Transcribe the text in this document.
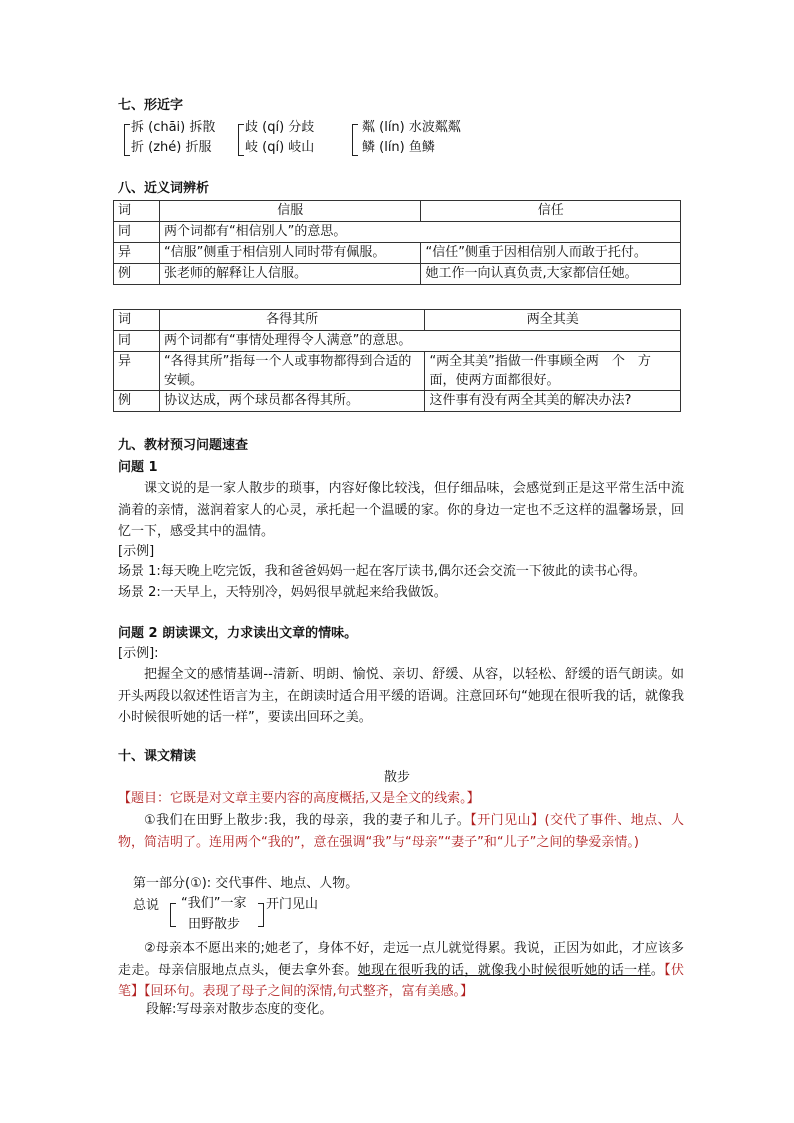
七、形近字
拆 (chāi) 拆散
折 (zhé) 折服
歧 (qí) 分歧
岐 (qí) 岐山
粼 (lín) 水波粼粼
鳞 (lín) 鱼鳞
八、近义词辨析
词	信服	信任
同	两个词都有“相信别人”的意思。	
异	“信服”侧重于相信别人同时带有佩服。	“信任”侧重于因相信别人而敢于托付。
例	张老师的解释让人信服。	她工作一向认真负责,大家都信任她。
词	各得其所	两全其美
同	两个词都有“事情处理得令人满意”的意思。	
异	“各得其所”指每一个人或事物都得到合适的安顿。	“两全其美”指做一件事顾全两　个　方面，使两方面都很好。
例	协议达成，两个球员都各得其所。	这件事有没有两全其美的解决办法?
九、教材预习问题速查
问题 1
课文说的是一家人散步的琐事，内容好像比较浅，但仔细品味，会感觉到正是这平常生活中流淌着的亲情，滋润着家人的心灵，承托起一个温暖的家。你的身边一定也不乏这样的温馨场景，回忆一下，感受其中的温情。
[示例]
场景 1:每天晚上吃完饭，我和爸爸妈妈一起在客厅读书,偶尔还会交流一下彼此的读书心得。
场景 2:一天早上，天特别冷，妈妈很早就起来给我做饭。
问题 2 朗读课文，力求读出文章的情味。
[示例]:
把握全文的感情基调--清新、明朗、愉悦、亲切、舒缓、从容，以轻松、舒缓的语气朗读。如开头两段以叙述性语言为主，在朗读时适合用平缓的语调。注意回环句“她现在很听我的话，就像我小时候很听她的话一样”，要读出回环之美。
十、课文精读
散步
【题目：它既是对文章主要内容的高度概括,又是全文的线索。】
①我们在田野上散步:我，我的母亲，我的妻子和儿子。【开门见山】(交代了事件、地点、人物，简洁明了。连用两个“我的”，意在强调“我”与“母亲”“妻子”和“儿子”之间的挚爱亲情。)
第一部分(①): 交代事件、地点、人物。
总说 “我们”一家
田野散步
开门见山
②母亲本不愿出来的;她老了，身体不好，走远一点儿就觉得累。我说，正因为如此，才应该多走走。母亲信服地点点头，便去拿外套。她现在很听我的话，就像我小时候很听她的话一样。【伏笔】【回环句。表现了母子之间的深情,句式整齐，富有美感。】
段解:写母亲对散步态度的变化。
